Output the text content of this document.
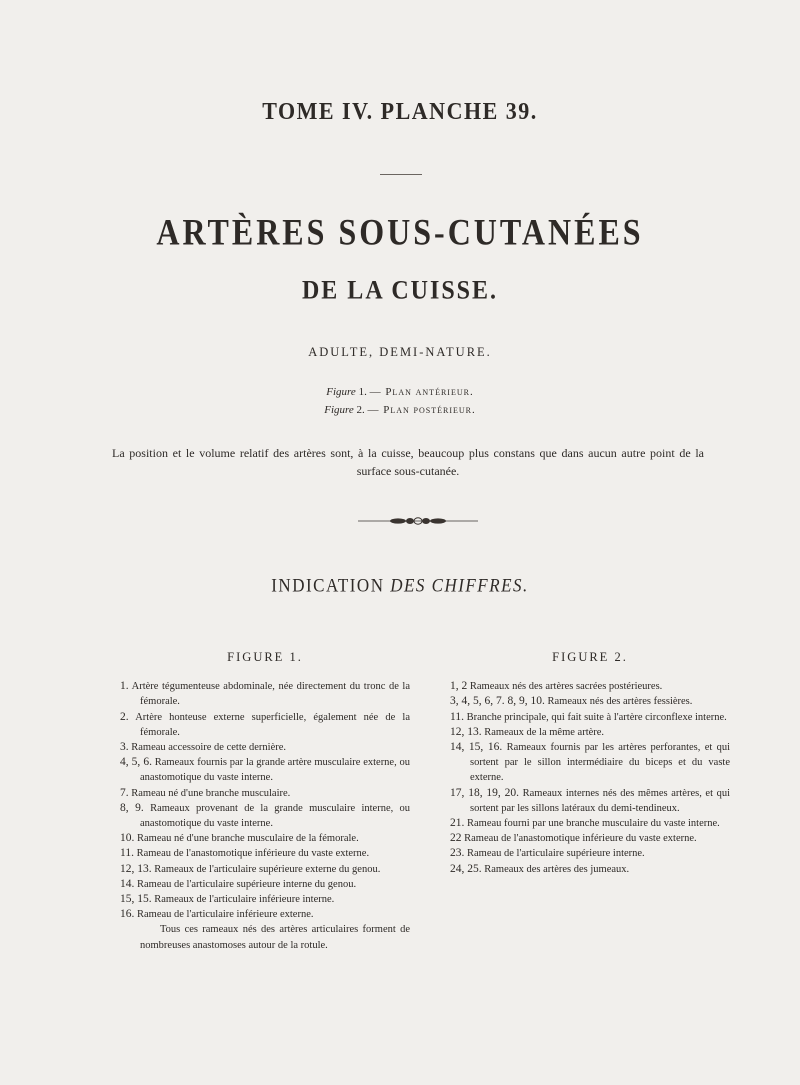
TOME IV. PLANCHE 39.
ARTÈRES SOUS-CUTANÉES
DE LA CUISSE.
ADULTE, DEMI-NATURE.
Figure 1. — Plan antérieur.
Figure 2. — Plan postérieur.
La position et le volume relatif des artères sont, à la cuisse, beaucoup plus constans que dans aucun autre point de la surface sous-cutanée.
INDICATION DES CHIFFRES.
FIGURE 1.
1. Artère tégumenteuse abdominale, née directement du tronc de la fémorale.
2. Artère honteuse externe superficielle, également née de la fémorale.
3. Rameau accessoire de cette dernière.
4, 5, 6. Rameaux fournis par la grande artère musculaire externe, ou anastomotique du vaste interne.
7. Rameau né d'une branche musculaire.
8, 9. Rameaux provenant de la grande musculaire interne, ou anastomotique du vaste interne.
10. Rameau né d'une branche musculaire de la fémorale.
11. Rameau de l'anastomotique inférieure du vaste externe.
12, 13. Rameaux de l'articulaire supérieure externe du genou.
14. Rameau de l'articulaire supérieure interne du genou.
15, 15. Rameaux de l'articulaire inférieure interne.
16. Rameau de l'articulaire inférieure externe.
Tous ces rameaux nés des artères articulaires forment de nombreuses anastomoses autour de la rotule.
FIGURE 2.
1, 2 Rameaux nés des artères sacrées postérieures.
3, 4, 5, 6, 7. 8, 9, 10. Rameaux nés des artères fessières.
11. Branche principale, qui fait suite à l'artère circonflexe interne.
12, 13. Rameaux de la même artère.
14, 15, 16. Rameaux fournis par les artères perforantes, et qui sortent par le sillon intermédiaire du biceps et du vaste externe.
17, 18, 19, 20. Rameaux internes nés des mêmes artères, et qui sortent par les sillons latéraux du demi-tendineux.
21. Rameau fourni par une branche musculaire du vaste interne.
22 Rameau de l'anastomotique inférieure du vaste externe.
23. Rameau de l'articulaire supérieure interne.
24, 25. Rameaux des artères des jumeaux.
